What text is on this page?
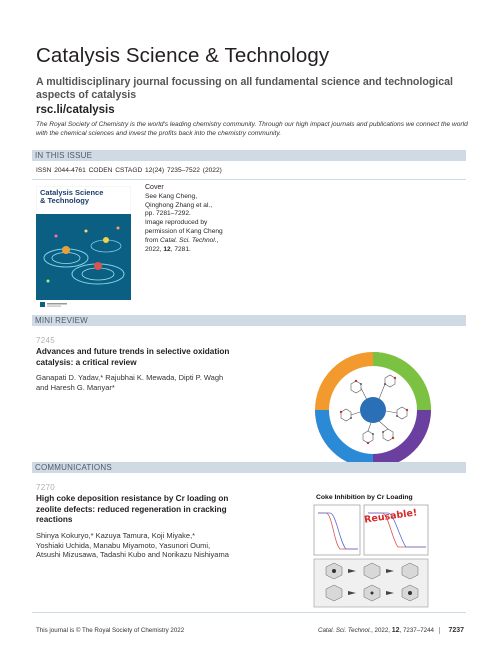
Catalysis Science & Technology
A multidisciplinary journal focussing on all fundamental science and technological aspects of catalysis
rsc.li/catalysis
The Royal Society of Chemistry is the world's leading chemistry community. Through our high impact journals and publications we connect the world with the chemical sciences and invest the profits back into the chemistry community.
IN THIS ISSUE
ISSN 2044-4761 CODEN CSTAGD 12(24) 7235–7522 (2022)
Catalysis Science & Technology
Cover
See Kang Cheng,
Qinghong Zhang et al.,
pp. 7281–7292.
Image reproduced by
permission of Kang Cheng
from Catal. Sci. Technol.,
2022, 12, 7281.
MINI REVIEW
7245
Advances and future trends in selective oxidation
catalysis: a critical review
Ganapati D. Yadav,* Rajubhai K. Mewada, Dipti P. Wagh
and Haresh G. Manyar*
COMMUNICATIONS
7270
High coke deposition resistance by Cr loading on
zeolite defects: reduced regeneration in cracking
reactions
Shinya Kokuryo,* Kazuya Tamura, Koji Miyake,*
Yoshiaki Uchida, Manabu Miyamoto, Yasunori Oumi,
Atsushi Mizusawa, Tadashi Kubo and Norikazu Nishiyama
Coke Inhibition by Cr Loading
Reusable!
This journal is © The Royal Society of Chemistry 2022	Catal. Sci. Technol., 2022, 12, 7237–7244 7237
